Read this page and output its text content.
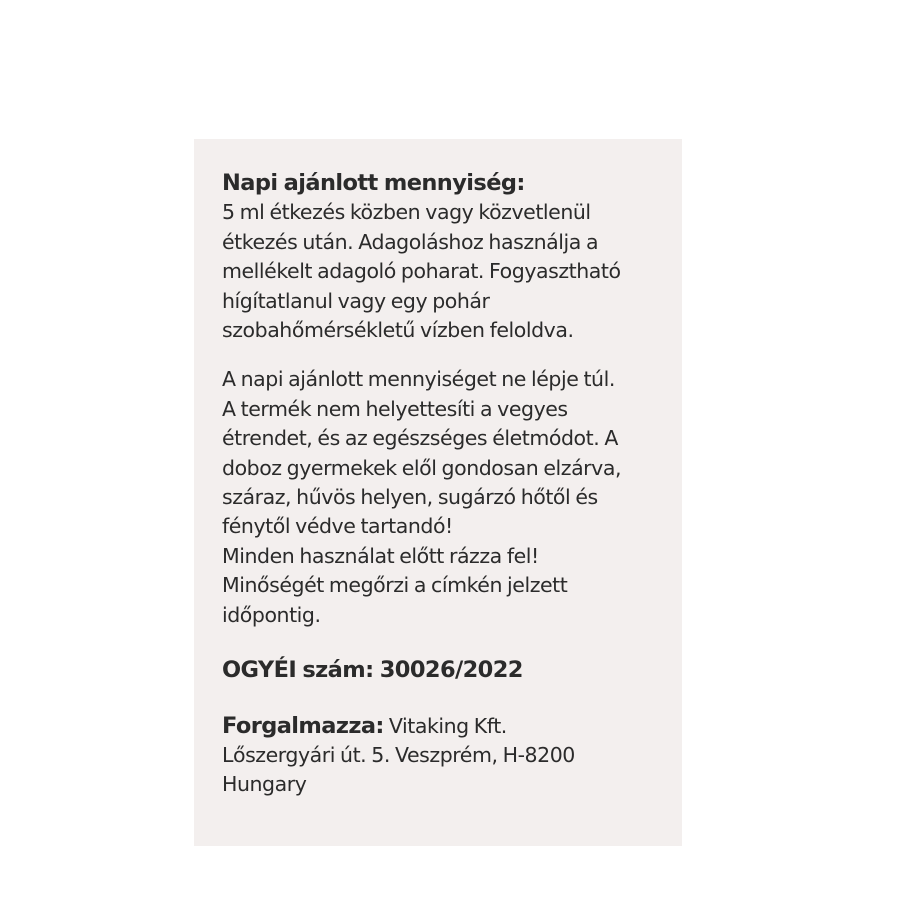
Napi ajánlott mennyiség:
5 ml étkezés közben vagy közvetlenül
étkezés után. Adagoláshoz használja a
mellékelt adagoló poharat. Fogyasztható
hígítatlanul vagy egy pohár
szobahőmérsékletű vízben feloldva.

A napi ajánlott mennyiséget ne lépje túl.
A termék nem helyettesíti a vegyes
étrendet, és az egészséges életmódot. A
doboz gyermekek elől gondosan elzárva,
száraz, hűvös helyen, sugárzó hőtől és
fénytől védve tartandó!
Minden használat előtt rázza fel!
Minőségét megőrzi a címkén jelzett
időpontig.

OGYÉI szám: 30026/2022

Forgalmazza: Vitaking Kft.
Lőszergyári út. 5. Veszprém, H-8200
Hungary
